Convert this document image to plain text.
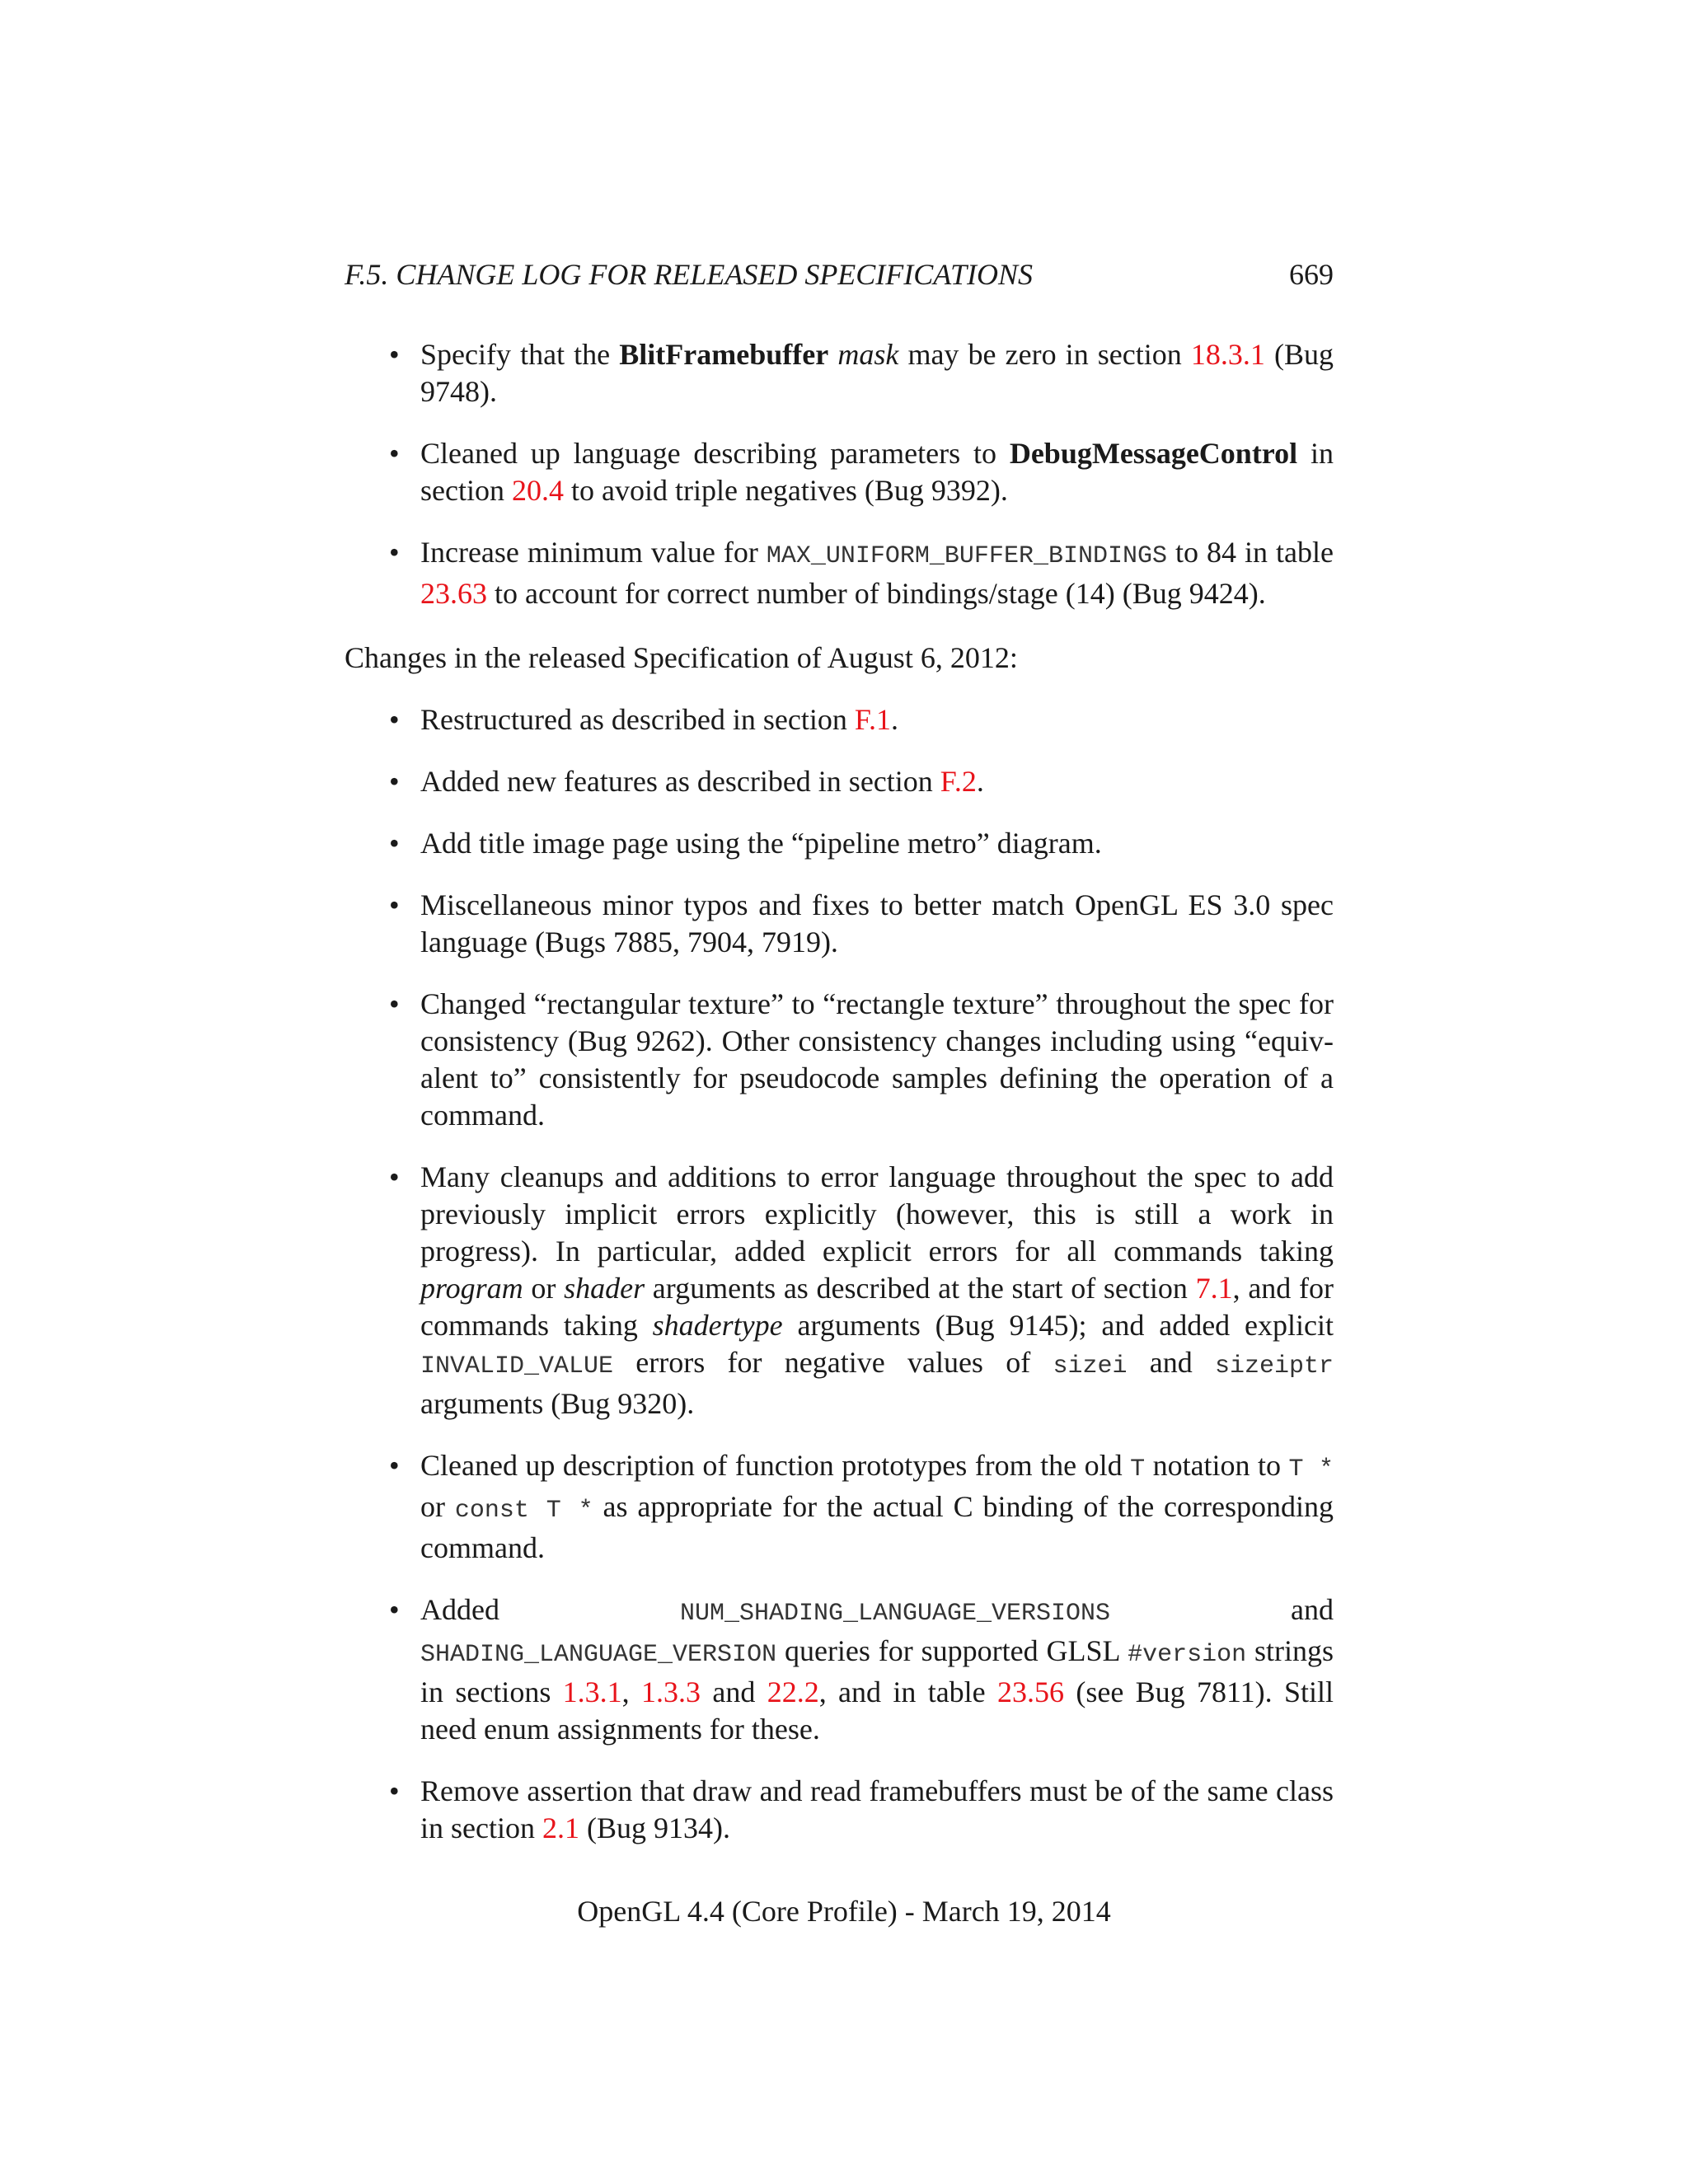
F.5. CHANGE LOG FOR RELEASED SPECIFICATIONS	669
• Specify that the BlitFramebuffer mask may be zero in section 18.3.1 (Bug 9748).
• Cleaned up language describing parameters to DebugMessageControl in section 20.4 to avoid triple negatives (Bug 9392).
• Increase minimum value for MAX_UNIFORM_BUFFER_BINDINGS to 84 in table 23.63 to account for correct number of bindings/stage (14) (Bug 9424).
Changes in the released Specification of August 6, 2012:
• Restructured as described in section F.1.
• Added new features as described in section F.2.
• Add title image page using the “pipeline metro” diagram.
• Miscellaneous minor typos and fixes to better match OpenGL ES 3.0 spec language (Bugs 7885, 7904, 7919).
• Changed “rectangular texture” to “rectangle texture” throughout the spec for consistency (Bug 9262). Other consistency changes including using “equiv-alent to” consistently for pseudocode samples defining the operation of a command.
• Many cleanups and additions to error language throughout the spec to add previously implicit errors explicitly (however, this is still a work in progress). In particular, added explicit errors for all commands taking program or shader arguments as described at the start of section 7.1, and for commands taking shadertype arguments (Bug 9145); and added explicit INVALID_VALUE errors for negative values of sizei and sizeiptr arguments (Bug 9320).
• Cleaned up description of function prototypes from the old T notation to T * or const T * as appropriate for the actual C binding of the corresponding command.
• Added NUM_SHADING_LANGUAGE_VERSIONS and SHADING_LANGUAGE_VERSION queries for supported GLSL #version strings in sections 1.3.1, 1.3.3 and 22.2, and in table 23.56 (see Bug 7811). Still need enum assignments for these.
• Remove assertion that draw and read framebuffers must be of the same class in section 2.1 (Bug 9134).
OpenGL 4.4 (Core Profile) - March 19, 2014
